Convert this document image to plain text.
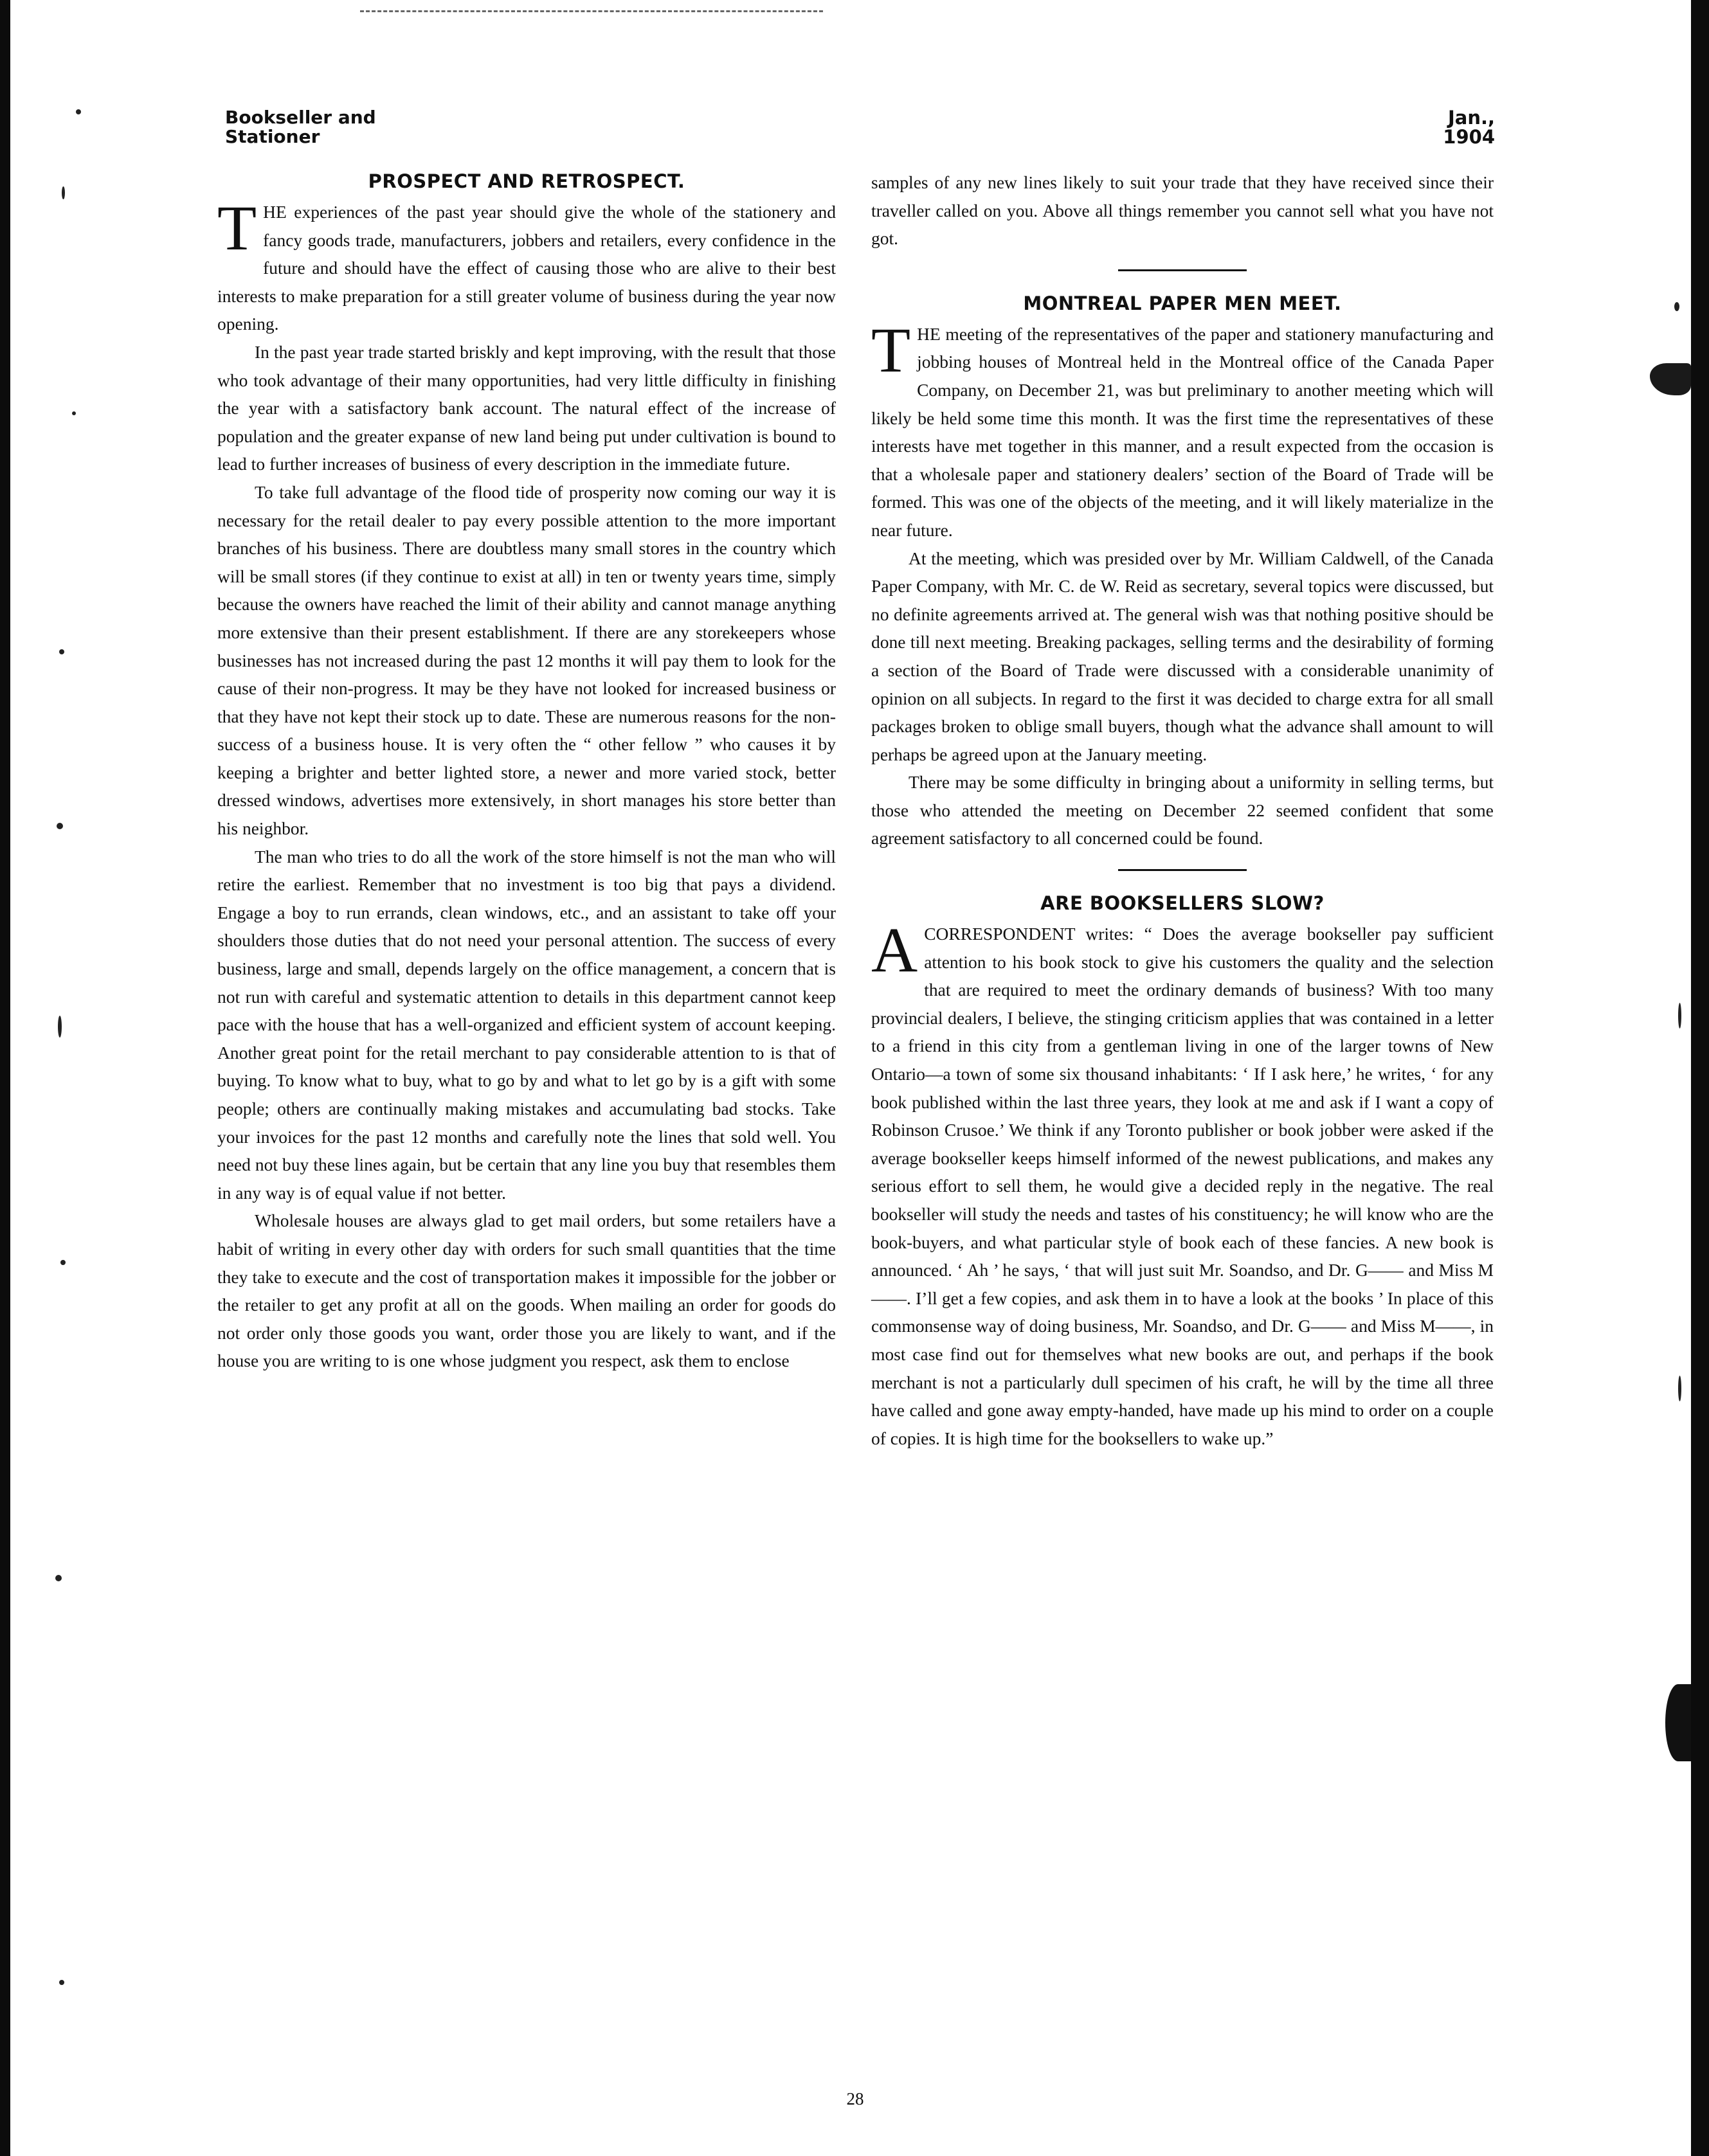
Bookseller and
Stationer
Jan., 1904
PROSPECT AND RETROSPECT.

THE experiences of the past year should give the whole of the stationery and fancy goods trade, manufacturers, jobbers and retailers, every confidence in the future and should have the effect of causing those who are alive to their best interests to make preparation for a still greater volume of business during the year now opening.

In the past year trade started briskly and kept improving, with the result that those who took advantage of their many opportunities, had very little difficulty in finishing the year with a satisfactory bank account. The natural effect of the increase of population and the greater expanse of new land being put under cultivation is bound to lead to further increases of business of every description in the immediate future.

To take full advantage of the flood tide of prosperity now coming our way it is necessary for the retail dealer to pay every possible attention to the more important branches of his business. There are doubtless many small stores in the country which will be small stores (if they continue to exist at all) in ten or twenty years time, simply because the owners have reached the limit of their ability and cannot manage anything more extensive than their present establishment. If there are any storekeepers whose businesses has not increased during the past 12 months it will pay them to look for the cause of their non-progress. It may be they have not looked for increased business or that they have not kept their stock up to date. These are numerous reasons for the non-success of a business house. It is very often the “ other fellow ” who causes it by keeping a brighter and better lighted store, a newer and more varied stock, better dressed windows, advertises more extensively, in short manages his store better than his neighbor.

The man who tries to do all the work of the store himself is not the man who will retire the earliest. Remember that no investment is too big that pays a dividend. Engage a boy to run errands, clean windows, etc., and an assistant to take off your shoulders those duties that do not need your personal attention. The success of every business, large and small, depends largely on the office management, a concern that is not run with careful and systematic attention to details in this department cannot keep pace with the house that has a well-organized and efficient system of account keeping. Another great point for the retail merchant to pay considerable attention to is that of buying. To know what to buy, what to go by and what to let go by is a gift with some people; others are continually making mistakes and accumulating bad stocks. Take your invoices for the past 12 months and carefully note the lines that sold well. You need not buy these lines again, but be certain that any line you buy that resembles them in any way is of equal value if not better.

Wholesale houses are always glad to get mail orders, but some retailers have a habit of writing in every other day with orders for such small quantities that the time they take to execute and the cost of transportation makes it impossible for the jobber or the retailer to get any profit at all on the goods. When mailing an order for goods do not order only those goods you want, order those you are likely to want, and if the house you are writing to is one whose judgment you respect, ask them to enclose

samples of any new lines likely to suit your trade that they have received since their traveller called on you. Above all things remember you cannot sell what you have not got.
MONTREAL PAPER MEN MEET.

THE meeting of the representatives of the paper and stationery manufacturing and jobbing houses of Montreal held in the Montreal office of the Canada Paper Company, on December 21, was but preliminary to another meeting which will likely be held some time this month. It was the first time the representatives of these interests have met together in this manner, and a result expected from the occasion is that a wholesale paper and stationery dealers’ section of the Board of Trade will be formed. This was one of the objects of the meeting, and it will likely materialize in the near future.

At the meeting, which was presided over by Mr. William Caldwell, of the Canada Paper Company, with Mr. C. de W. Reid as secretary, several topics were discussed, but no definite agreements arrived at. The general wish was that nothing positive should be done till next meeting. Breaking packages, selling terms and the desirability of forming a section of the Board of Trade were discussed with a considerable unanimity of opinion on all subjects. In regard to the first it was decided to charge extra for all small packages broken to oblige small buyers, though what the advance shall amount to will perhaps be agreed upon at the January meeting.

There may be some difficulty in bringing about a uniformity in selling terms, but those who attended the meeting on December 22 seemed confident that some agreement satisfactory to all concerned could be found.

ARE BOOKSELLERS SLOW?

ACORRESPONDENT writes: “ Does the average bookseller pay sufficient attention to his book stock to give his customers the quality and the selection that are required to meet the ordinary demands of business? With too many provincial dealers, I believe, the stinging criticism applies that was contained in a letter to a friend in this city from a gentleman living in one of the larger towns of New Ontario—a town of some six thousand inhabitants: ‘ If I ask here,’ he writes, ‘ for any book published within the last three years, they look at me and ask if I want a copy of Robinson Crusoe.’ We think if any Toronto publisher or book jobber were asked if the average bookseller keeps himself informed of the newest publications, and makes any serious effort to sell them, he would give a decided reply in the negative. The real bookseller will study the needs and tastes of his constituency; he will know who are the book-buyers, and what particular style of book each of these fancies. A new book is announced. ‘ Ah ’ he says, ‘ that will just suit Mr. Soandso, and Dr. G—— and Miss M——. I’ll get a few copies, and ask them in to have a look at the books ’ In place of this commonsense way of doing business, Mr. Soandso, and Dr. G—— and Miss M——, in most case find out for themselves what new books are out, and perhaps if the book merchant is not a particularly dull specimen of his craft, he will by the time all three have called and gone away empty-handed, have made up his mind to order on a couple of copies. It is high time for the booksellers to wake up.”

28
